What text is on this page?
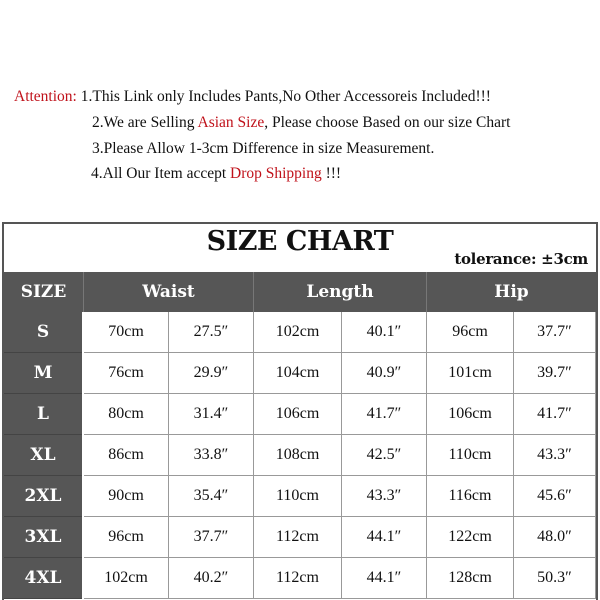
Attention: 1.This Link only Includes Pants,No Other Accessoreis Included!!!
2.We are Selling Asian Size, Please choose Based on our size Chart
3.Please Allow 1-3cm Difference in size Measurement.
4.All Our Item accept Drop Shipping !!!
SIZE CHART
tolerance: ±3cm
SIZE	Waist	Length	Hip
S	70cm	27.5″	102cm	40.1″	96cm	37.7″
M	76cm	29.9″	104cm	40.9″	101cm	39.7″
L	80cm	31.4″	106cm	41.7″	106cm	41.7″
XL	86cm	33.8″	108cm	42.5″	110cm	43.3″
2XL	90cm	35.4″	110cm	43.3″	116cm	45.6″
3XL	96cm	37.7″	112cm	44.1″	122cm	48.0″
4XL	102cm	40.2″	112cm	44.1″	128cm	50.3″
